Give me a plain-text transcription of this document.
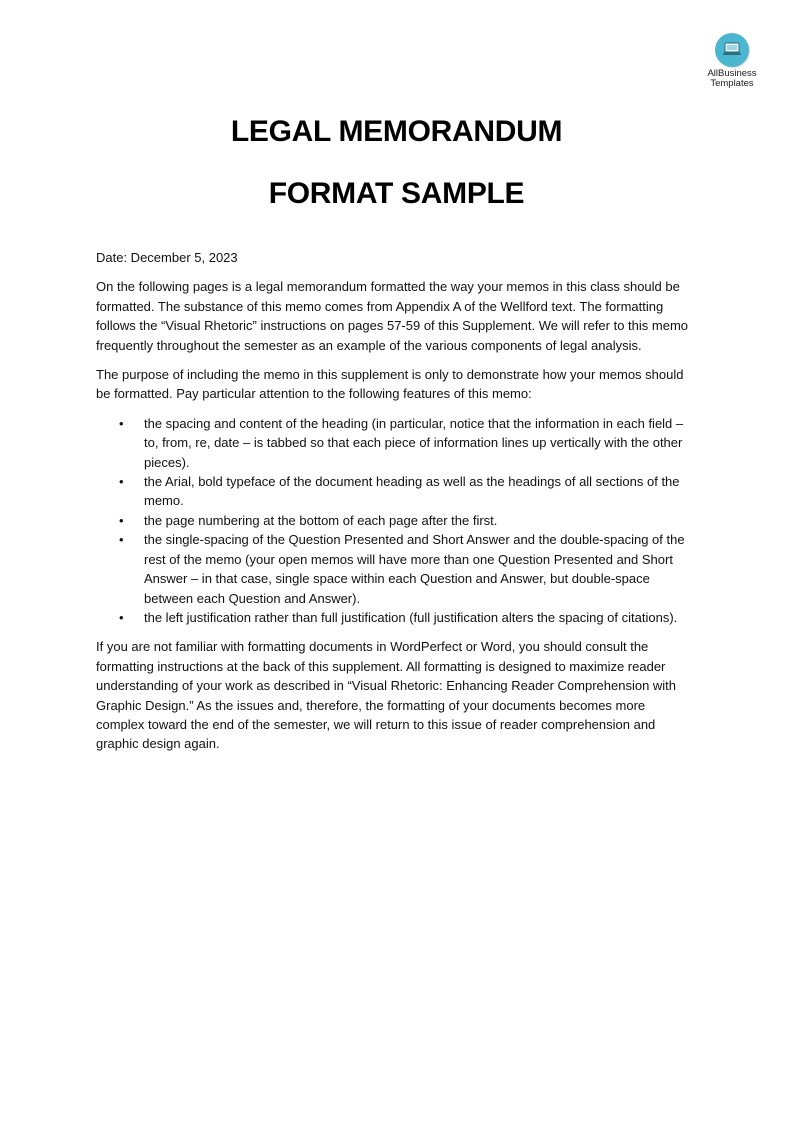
AllBusiness
Templates
LEGAL MEMORANDUM
FORMAT SAMPLE

Date: December 5, 2023

On the following pages is a legal memorandum formatted the way your memos in this class should be formatted. The substance of this memo comes from Appendix A of the Wellford text. The formatting follows the “Visual Rhetoric” instructions on pages 57-59 of this Supplement. We will refer to this memo frequently throughout the semester as an example of the various components of legal analysis.

The purpose of including the memo in this supplement is only to demonstrate how your memos should be formatted. Pay particular attention to the following features of this memo:

• the spacing and content of the heading (in particular, notice that the information in each field – to, from, re, date – is tabbed so that each piece of information lines up vertically with the other pieces).
• the Arial, bold typeface of the document heading as well as the headings of all sections of the memo.
• the page numbering at the bottom of each page after the first.
• the single-spacing of the Question Presented and Short Answer and the double-spacing of the rest of the memo (your open memos will have more than one Question Presented and Short Answer – in that case, single space within each Question and Answer, but double-space between each Question and Answer).
• the left justification rather than full justification (full justification alters the spacing of citations).

If you are not familiar with formatting documents in WordPerfect or Word, you should consult the formatting instructions at the back of this supplement. All formatting is designed to maximize reader understanding of your work as described in “Visual Rhetoric: Enhancing Reader Comprehension with Graphic Design.” As the issues and, therefore, the formatting of your documents becomes more complex toward the end of the semester, we will return to this issue of reader comprehension and graphic design again.
